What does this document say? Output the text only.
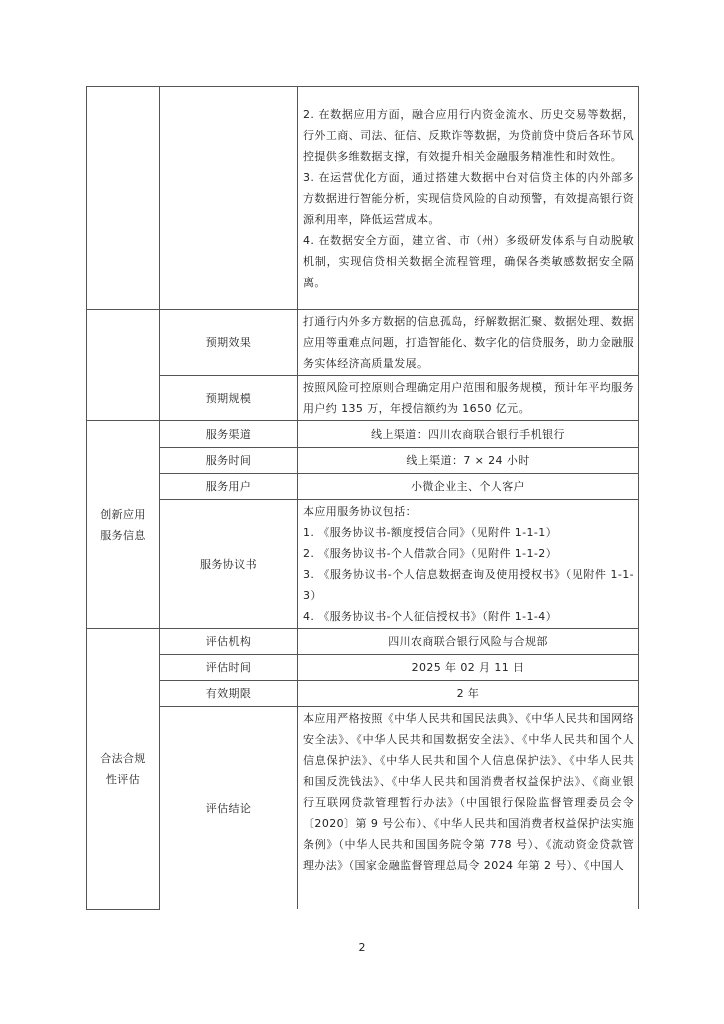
		2. 在数据应用方面，融合应用行内资金流水、历史交易等数据，行外工商、司法、征信、反欺诈等数据，为贷前贷中贷后各环节风控提供多维数据支撑，有效提升相关金融服务精准性和时效性。

3. 在运营优化方面，通过搭建大数据中台对信贷主体的内外部多方数据进行智能分析，实现信贷风险的自动预警，有效提高银行资源利用率，降低运营成本。

4. 在数据安全方面，建立省、市（州）多级研发体系与自动脱敏机制，实现信贷相关数据全流程管理，确保各类敏感数据安全隔离。

	预期效果	打通行内外多方数据的信息孤岛，纾解数据汇聚、数据处理、数据应用等重难点问题，打造智能化、数字化的信贷服务，助力金融服务实体经济高质量发展。
	预期规模	按照风险可控原则合理确定用户范围和服务规模，预计年平均服务用户约 135 万，年授信额约为 1650 亿元。

创新应用
服务信息	服务渠道	线上渠道：四川农商联合银行手机银行
	服务时间	线上渠道：7 × 24 小时
	服务用户	小微企业主、个人客户
	服务协议书	本应用服务协议包括：

1. 《服务协议书-额度授信合同》（见附件 1-1-1）

2. 《服务协议书-个人借款合同》（见附件 1-1-2）

3. 《服务协议书-个人信息数据查询及使用授权书》（见附件 1-1-3）

4. 《服务协议书-个人征信授权书》（附件 1-1-4）

合法合规
性评估	评估机构	四川农商联合银行风险与合规部
	评估时间	2025 年 02 月 11 日
	有效期限	2 年
	评估结论	本应用严格按照《中华人民共和国民法典》、《中华人民共和国网络安全法》、《中华人民共和国数据安全法》、《中华人民共和国个人信息保护法》、《中华人民共和国个人信息保护法》、《中华人民共和国反洗钱法》、《中华人民共和国消费者权益保护法》、《商业银行互联网贷款管理暂行办法》（中国银行保险监督管理委员会令〔2020〕第 9 号公布）、《中华人民共和国消费者权益保护法实施条例》（中华人民共和国国务院令第 778 号）、《流动资金贷款管理办法》（国家金融监督管理总局令 2024 年第 2 号）、《中国人
2
